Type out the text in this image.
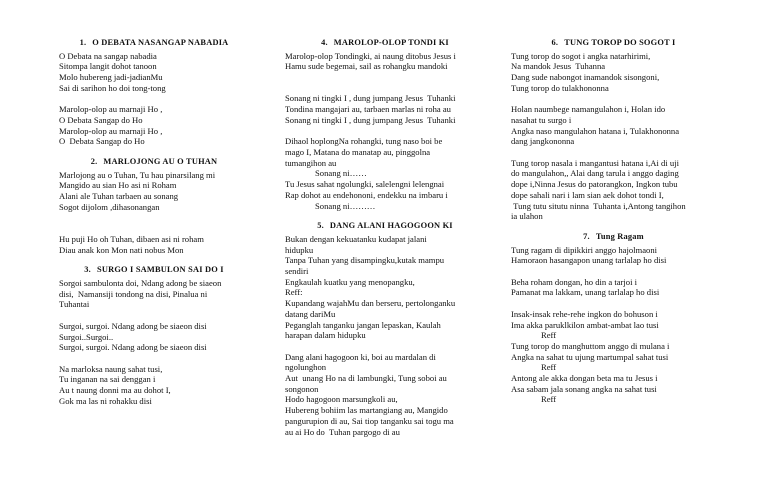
1. O DEBATA NASANGAP NABADIA
O Debata na sangap nabadia
Sitompa langit dohot tanoon
Molo hubereng jadi-jadianMu
Sai di sarihon ho doi tong-tong
Marolop-olop au marnaji Ho ,
O Debata Sangap do Ho
Marolop-olop au marnaji Ho ,
O  Debata Sangap do Ho
2. MARLOJONG AU O TUHAN
Marlojong au o Tuhan, Tu hau pinarsilang mi
Mangido au sian Ho asi ni Roham
Alani ale Tuhan tarbaen au sonang
Sogot dijolom ,dihasonangan
Hu puji Ho oh Tuhan, dibaen asi ni roham
Diau anak kon Mon nati nobus Mon
3. SURGO I SAMBULON SAI DO I
Sorgoi sambulonta doi, Ndang adong be siaeon
disi,  Namansiji tondong na disi, Pinalua ni
Tuhantai
Surgoi, surgoi. Ndang adong be siaeon disi
Surgoi..Surgoi..
Surgoi, surgoi. Ndang adong be siaeon disi
Na marloksa naung sahat tusi,
Tu inganan na sai denggan i
Au t naung donni ma au dohot I,
Gok ma las ni rohakku disi
4. MAROLOP-OLOP TONDI KI
Marolop-olop Tondingki, ai naung ditobus Jesus i
Hamu sude begemai, sail as rohangku mandoki
Sonang ni tingki I , dung jumpang Jesus  Tuhanki
Tondina mangajari au, tarbaen marlas ni roha au
Sonang ni tingki I , dung jumpang Jesus  Tuhanki
Dihaol hoplongNa rohangki, tung naso boi be
mago I, Matana do manatap au, pinggolna
tumangihon au
Sonang ni……
Tu Jesus sahat ngolungki, salelengni lelengnai
Rap dohot au endehononi, endekku na imbaru i
Sonang ni………
5. DANG ALANI HAGOGOON KI
Bukan dengan kekuatanku kudapat jalani
hidupku
Tanpa Tuhan yang disampingku,kutak mampu
sendiri
Engkaulah kuatku yang menopangku,
Reff:
Kupandang wajahMu dan berseru, pertolonganku
datang dariMu
Peganglah tanganku jangan lepaskan, Kaulah
harapan dalam hidupku
Dang alani hagogoon ki, boi au mardalan di
ngolunghon
Aut  unang Ho na di lambungki, Tung soboi au
songonon
Hodo hagogoon marsungkoli au,
Hubereng bohiim las martangiang au, Mangido
pangurupion di au, Sai tiop tanganku sai togu ma
au ai Ho do  Tuhan pargogo di au
6. TUNG TOROP DO SOGOT I
Tung torop do sogot i angka natarhirimi,
Na mandok Jesus  Tuhanna
Dang sude nabongot inamandok sisongoni,
Tung torop do tulakhononna
Holan naumbege namangulahon i, Holan ido
nasahat tu surgo i
Angka naso mangulahon hatana i, Tulakhononna
dang jangkononna
Tung torop nasala i mangantusi hatana i,Ai di uji
do mangulahon,, Alai dang tarula i anggo daging
dope i,Ninna Jesus do patorangkon, Ingkon tubu
dope sahali nari i lam sian aek dohot tondi I,
Tung tutu situtu ninna  Tuhanta i,Antong tangihon
ia ulahon
7. Tung Ragam
Tung ragam di dipikkiri anggo hajolmaoni
Hamoraon hasangapon unang tarlalap ho disi
Beha roham dongan, ho din a tarjoi i
Pamanat ma lakkam, unang tarlalap ho disi
Insak-insak rehe-rehe ingkon do bohuson i
Ima akka paruklkilon ambat-ambat lao tusi
Reff
Tung torop do manghuttom anggo di mulana i
Angka na sahat tu ujung martumpal sahat tusi
Reff
Antong ale akka dongan beta ma tu Jesus i
Asa sabam jala sonang angka na sahat tusi
Reff
